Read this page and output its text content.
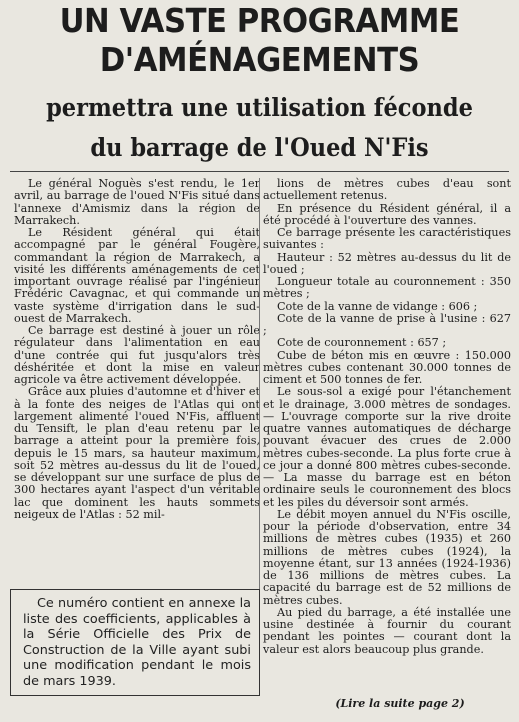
UN VASTE PROGRAMME
D'AMÉNAGEMENTS
permettra une utilisation féconde
du barrage de l'Oued N'Fis

Le général Noguès s'est rendu, le 1er avril, au barrage de l'oued N'Fis situé dans l'annexe d'Amismiz dans la région de Marrakech.

Le Résident général qui était accompagné par le général Fougère, commandant la région de Marrakech, a visité les différents aménagements de cet important ouvrage réalisé par l'ingénieur Frédéric Cavagnac, et qui commande un vaste système d'irrigation dans le sud-ouest de Marrakech.

Ce barrage est destiné à jouer un rôle régulateur dans l'alimentation en eau d'une contrée qui fut jusqu'alors très déshéritée et dont la mise en valeur agricole va être activement développée.

Grâce aux pluies d'automne et d'hiver et à la fonte des neiges de l'Atlas qui ont largement alimenté l'oued N'Fis, affluent du Tensift, le plan d'eau retenu par le barrage a atteint pour la première fois, depuis le 15 mars, sa hauteur maximum, soit 52 mètres au-dessus du lit de l'oued, se développant sur une surface de plus de 300 hectares ayant l'aspect d'un véritable lac que dominent les hauts sommets neigeux de l'Atlas : 52 mil-

lions de mètres cubes d'eau sont actuellement retenus.

En présence du Résident général, il a été procédé à l'ouverture des vannes.

Ce barrage présente les caractéristiques suivantes :

Hauteur : 52 mètres au-dessus du lit de l'oued ;

Longueur totale au couronnement : 350 mètres ;

Cote de la vanne de vidange : 606 ;

Cote de la vanne de prise à l'usine : 627 ;

Cote de couronnement : 657 ;

Cube de béton mis en œuvre : 150.000 mètres cubes contenant 30.000 tonnes de ciment et 500 tonnes de fer.

Le sous-sol a exigé pour l'étanchement et le drainage, 3.000 mètres de sondages. — L'ouvrage comporte sur la rive droite quatre vannes automatiques de décharge pouvant évacuer des crues de 2.000 mètres cubes-seconde. La plus forte crue à ce jour a donné 800 mètres cubes-seconde. — La masse du barrage est en béton ordinaire seuls le couronnement des blocs et les piles du déversoir sont armés.

Le débit moyen annuel du N'Fis oscille, pour la période d'observation, entre 34 millions de mètres cubes (1935) et 260 millions de mètres cubes (1924), la moyenne étant, sur 13 années (1924-1936) de 136 millions de mètres cubes. La capacité du barrage est de 52 millions de mètres cubes.

Au pied du barrage, a été installée une usine destinée à fournir du courant pendant les pointes — courant dont la valeur est alors beaucoup plus grande.

Ce numéro contient en annexe la liste des coefficients, applicables à la Série Officielle des Prix de Construction de la Ville ayant subi une modification pendant le mois de mars 1939.

(Lire la suite page 2)
